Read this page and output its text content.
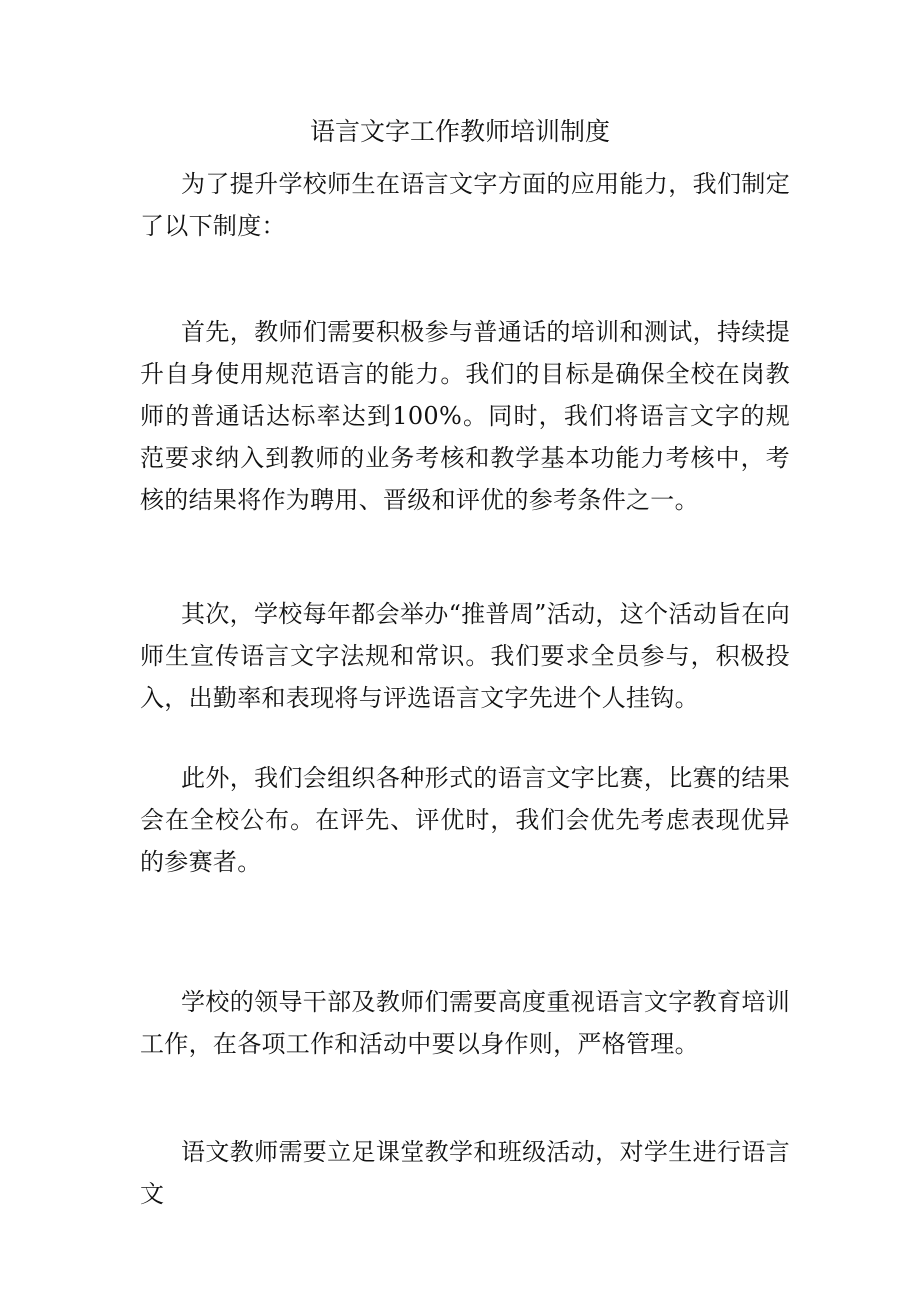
语言文字工作教师培训制度

为了提升学校师生在语言文字方面的应用能力，我们制定了以下制度：

首先，教师们需要积极参与普通话的培训和测试，持续提升自身使用规范语言的能力。我们的目标是确保全校在岗教师的普通话达标率达到100%。同时，我们将语言文字的规范要求纳入到教师的业务考核和教学基本功能力考核中，考核的结果将作为聘用、晋级和评优的参考条件之一。

其次，学校每年都会举办“推普周”活动，这个活动旨在向师生宣传语言文字法规和常识。我们要求全员参与，积极投入，出勤率和表现将与评选语言文字先进个人挂钩。

此外，我们会组织各种形式的语言文字比赛，比赛的结果会在全校公布。在评先、评优时，我们会优先考虑表现优异的参赛者。

学校的领导干部及教师们需要高度重视语言文字教育培训工作，在各项工作和活动中要以身作则，严格管理。

语文教师需要立足课堂教学和班级活动，对学生进行语言文
